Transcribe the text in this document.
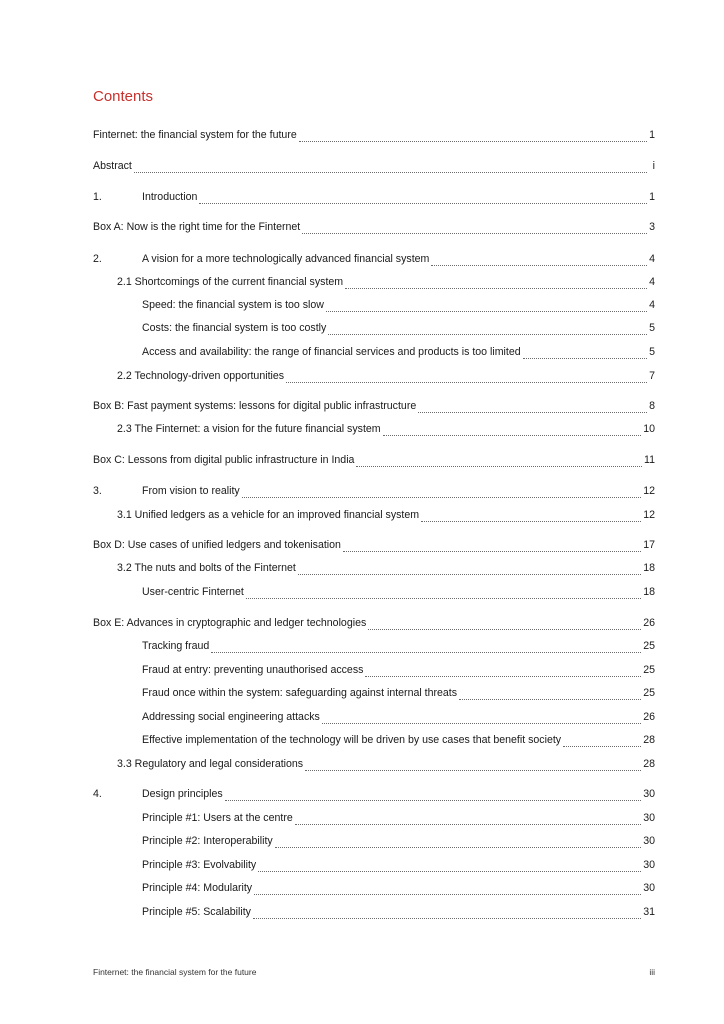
Contents
Finternet: the financial system for the future	1
Abstract	i
1.	Introduction	1
Box A: Now is the right time for the Finternet	3
2.	A vision for a more technologically advanced financial system	4
2.1 Shortcomings of the current financial system	4
Speed: the financial system is too slow	4
Costs: the financial system is too costly	5
Access and availability: the range of financial services and products is too limited	5
2.2 Technology-driven opportunities	7
Box B: Fast payment systems: lessons for digital public infrastructure	8
2.3 The Finternet: a vision for the future financial system	10
Box C: Lessons from digital public infrastructure in India	11
3.	From vision to reality	12
3.1 Unified ledgers as a vehicle for an improved financial system	12
Box D: Use cases of unified ledgers and tokenisation	17
3.2 The nuts and bolts of the Finternet	18
User-centric Finternet	18
Box E: Advances in cryptographic and ledger technologies	26
Tracking fraud	25
Fraud at entry: preventing unauthorised access	25
Fraud once within the system: safeguarding against internal threats	25
Addressing social engineering attacks	26
Effective implementation of the technology will be driven by use cases that benefit society	28
3.3 Regulatory and legal considerations	28
4.	Design principles	30
Principle #1: Users at the centre	30
Principle #2: Interoperability	30
Principle #3: Evolvability	30
Principle #4: Modularity	30
Principle #5: Scalability	31
Finternet: the financial system for the future	iii
